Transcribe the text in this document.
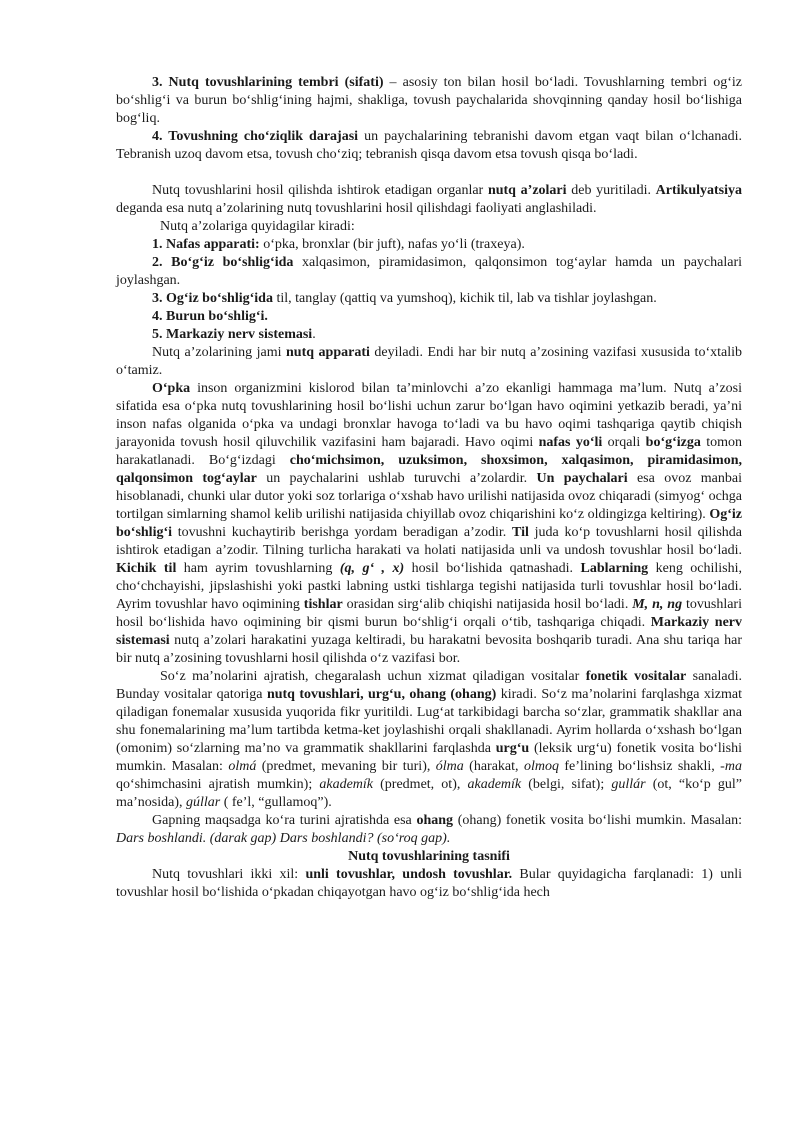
3. Nutq tovushlarining tembri (sifati) – asosiy ton bilan hosil bo‘ladi. Tovushlarning tembri og‘iz bo‘shlig‘i va burun bo‘shlig‘ining hajmi, shakliga, tovush paychalarida shovqinning qanday hosil bo‘lishiga bog‘liq.

4. Tovushning cho‘ziqlik darajasi un paychalarining tebranishi davom etgan vaqt bilan o‘lchanadi. Tebranish uzoq davom etsa, tovush cho‘ziq; tebranish qisqa davom etsa tovush qisqa bo‘ladi.

Nutq tovushlarini hosil qilishda ishtirok etadigan organlar nutq a’zolari deb yuritiladi. Artikulyatsiya deganda esa nutq a’zolarining nutq tovushlarini hosil qilishdagi faoliyati anglashiladi.

Nutq a’zolariga quyidagilar kiradi:

1. Nafas apparati: o‘pka, bronxlar (bir juft), nafas yo‘li (traxeya).

2. Bo‘g‘iz bo‘shlig‘ida xalqasimon, piramidasimon, qalqonsimon tog‘aylar hamda un paychalari joylashgan.

3. Og‘iz bo‘shlig‘ida til, tanglay (qattiq va yumshoq), kichik til, lab va tishlar joylashgan.

4. Burun bo‘shlig‘i.

5. Markaziy nerv sistemasi.

Nutq a’zolarining jami nutq apparati deyiladi. Endi har bir nutq a’zosining vazifasi xususida to‘xtalib o‘tamiz.

O‘pka inson organizmini kislorod bilan ta’minlovchi a’zo ekanligi hammaga ma’lum. Nutq a’zosi sifatida esa o‘pka nutq tovushlarining hosil bo‘lishi uchun zarur bo‘lgan havo oqimini yetkazib beradi, ya’ni inson nafas olganida o‘pka va undagi bronxlar havoga to‘ladi va bu havo oqimi tashqariga qaytib chiqish jarayonida tovush hosil qiluvchilik vazifasini ham bajaradi. Havo oqimi nafas yo‘li orqali bo‘g‘izga tomon harakatlanadi. Bo‘g‘izdagi cho‘michsimon, uzuksimon, shoxsimon, xalqasimon, piramidasimon, qalqonsimon tog‘aylar un paychalarini ushlab turuvchi a’zolardir. Un paychalari esa ovoz manbai hisoblanadi, chunki ular dutor yoki soz torlariga o‘xshab havo urilishi natijasida ovoz chiqaradi (simyog‘ ochga tortilgan simlarning shamol kelib urilishi natijasida chiyillab ovoz chiqarishini ko‘z oldingizga keltiring). Og‘iz bo‘shlig‘i tovushni kuchaytirib berishga yordam beradigan a’zodir. Til juda ko‘p tovushlarni hosil qilishda ishtirok etadigan a’zodir. Tilning turlicha harakati va holati natijasida unli va undosh tovushlar hosil bo‘ladi. Kichik til ham ayrim tovushlarning (q, g‘ , x) hosil bo‘lishida qatnashadi. Lablarning keng ochilishi, cho‘chchayishi, jipslashishi yoki pastki labning ustki tishlarga tegishi natijasida turli tovushlar hosil bo‘ladi. Ayrim tovushlar havo oqimining tishlar orasidan sirg‘alib chiqishi natijasida hosil bo‘ladi. M, n, ng tovushlari hosil bo‘lishida havo oqimining bir qismi burun bo‘shlig‘i orqali o‘tib, tashqariga chiqadi. Markaziy nerv sistemasi nutq a’zolari harakatini yuzaga keltiradi, bu harakatni bevosita boshqarib turadi. Ana shu tariqa har bir nutq a’zosining tovushlarni hosil qilishda o‘z vazifasi bor.

So‘z ma’nolarini ajratish, chegaralash uchun xizmat qiladigan vositalar fonetik vositalar sanaladi. Bunday vositalar qatoriga nutq tovushlari, urg‘u, ohang (ohang) kiradi. So‘z ma’nolarini farqlashga xizmat qiladigan fonemalar xususida yuqorida fikr yuritildi. Lug‘at tarkibidagi barcha so‘zlar, grammatik shakllar ana shu fonemalarining ma’lum tartibda ketma-ket joylashishi orqali shakllanadi. Ayrim hollarda o‘xshash bo‘lgan (omonim) so‘zlarning ma’no va grammatik shakllarini farqlashda urg‘u (leksik urg‘u) fonetik vosita bo‘lishi mumkin. Masalan: olmá (predmet, mevaning bir turi), ólma (harakat, olmoq fe’lining bo‘lishsiz shakli, -ma qo‘shimchasini ajratish mumkin); akademík (predmet, ot), akademík (belgi, sifat); gullár (ot, “ko‘p gul” ma’nosida), gúllar ( fe’l, “gullamoq”).

Gapning maqsadga ko‘ra turini ajratishda esa ohang (ohang) fonetik vosita bo‘lishi mumkin. Masalan: Dars boshlandi. (darak gap) Dars boshlandi? (so‘roq gap).

Nutq tovushlarining tasnifi

Nutq tovushlari ikki xil: unli tovushlar, undosh tovushlar. Bular quyidagicha farqlanadi: 1) unli tovushlar hosil bo‘lishida o‘pkadan chiqayotgan havo og‘iz bo‘shlig‘ida hech
